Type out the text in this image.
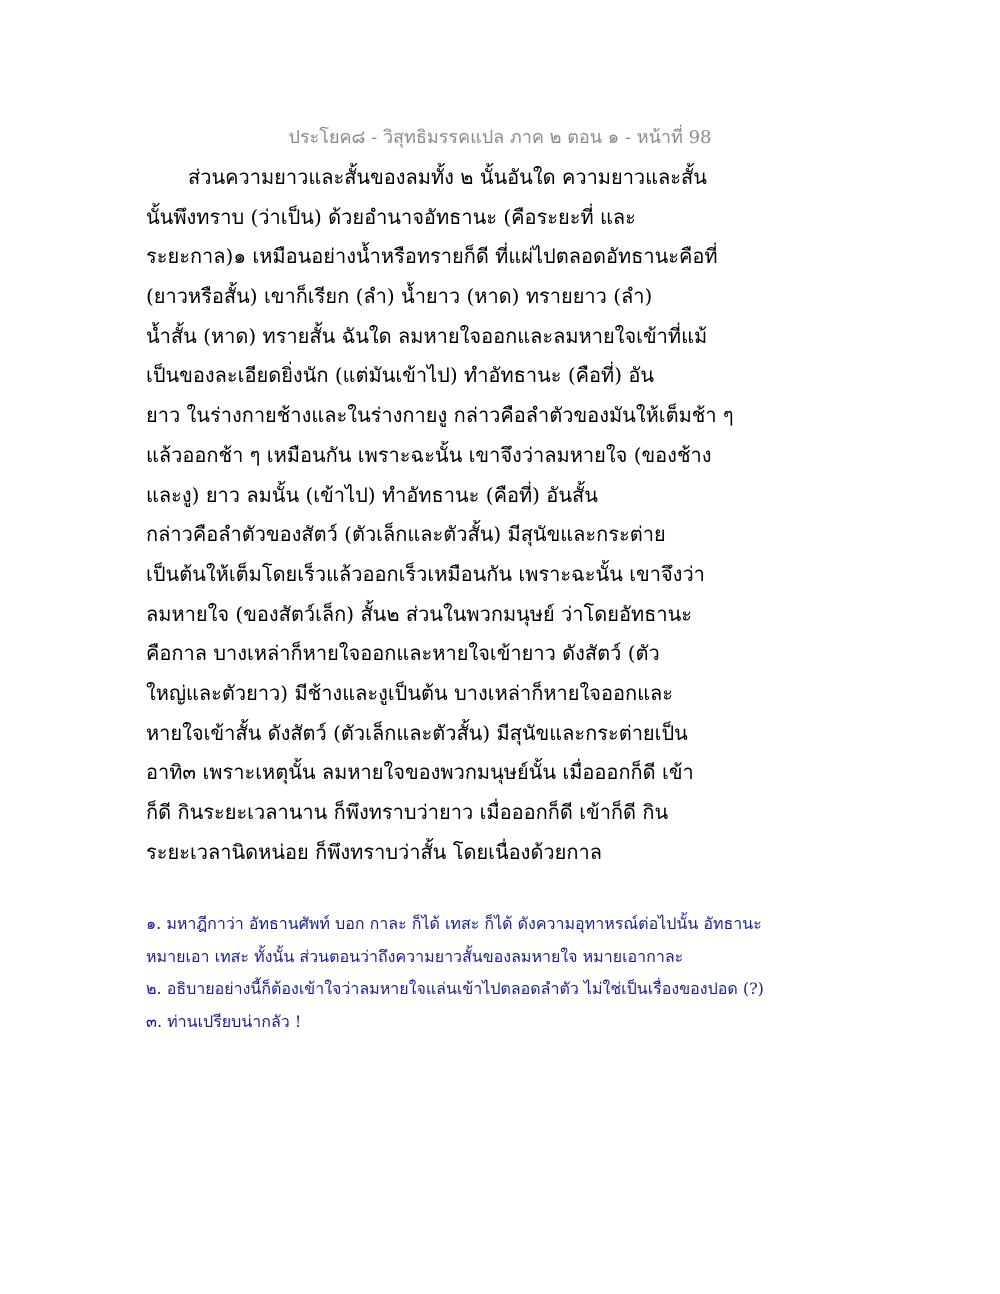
ประโยค๘ - วิสุทธิมรรคแปล ภาค ๒ ตอน ๑ - หน้าที่ 98
ส่วนความยาวและสั้นของลมทั้ง ๒ นั้นอันใด ความยาวและสั้น
นั้นพึงทราบ (ว่าเป็น) ด้วยอำนาจอัทธานะ (คือระยะที่ และ
ระยะกาล)๑ เหมือนอย่างน้ำหรือทรายก็ดี ที่แผ่ไปตลอดอัทธานะคือที่
(ยาวหรือสั้น) เขาก็เรียก (ลำ) น้ำยาว (หาด) ทรายยาว (ลำ)
น้ำสั้น (หาด) ทรายสั้น ฉันใด ลมหายใจออกและลมหายใจเข้าที่แม้
เป็นของละเอียดยิ่งนัก (แต่มันเข้าไป) ทำอัทธานะ (คือที่) อัน
ยาว ในร่างกายช้างและในร่างกายงู กล่าวคือลำตัวของมันให้เต็มช้า ๆ
แล้วออกช้า ๆ เหมือนกัน เพราะฉะนั้น เขาจึงว่าลมหายใจ (ของช้าง
และงู) ยาว ลมนั้น (เข้าไป) ทำอัทธานะ (คือที่) อันสั้น
กล่าวคือลำตัวของสัตว์ (ตัวเล็กและตัวสั้น) มีสุนัขและกระต่าย
เป็นต้นให้เต็มโดยเร็วแล้วออกเร็วเหมือนกัน เพราะฉะนั้น เขาจึงว่า
ลมหายใจ (ของสัตว์เล็ก) สั้น๒ ส่วนในพวกมนุษย์ ว่าโดยอัทธานะ
คือกาล บางเหล่าก็หายใจออกและหายใจเข้ายาว ดังสัตว์ (ตัว
ใหญ่และตัวยาว) มีช้างและงูเป็นต้น บางเหล่าก็หายใจออกและ
หายใจเข้าสั้น ดังสัตว์ (ตัวเล็กและตัวสั้น) มีสุนัขและกระต่ายเป็น
อาทิ๓ เพราะเหตุนั้น ลมหายใจของพวกมนุษย์นั้น เมื่อออกก็ดี เข้า
ก็ดี กินระยะเวลานาน ก็พึงทราบว่ายาว เมื่อออกก็ดี เข้าก็ดี กิน
ระยะเวลานิดหน่อย ก็พึงทราบว่าสั้น โดยเนื่องด้วยกาล
๑. มหาฎีกาว่า อัทธานศัพท์ บอก กาละ ก็ได้ เทสะ ก็ได้ ดังความอุทาหรณ์ต่อไปนั้น อัทธานะ
หมายเอา เทสะ ทั้งนั้น ส่วนตอนว่าถึงความยาวสั้นของลมหายใจ หมายเอากาละ
๒. อธิบายอย่างนี้ก็ต้องเข้าใจว่าลมหายใจแล่นเข้าไปตลอดลำตัว ไม่ใช่เป็นเรื่องของปอด (?)
๓. ท่านเปรียบน่ากลัว !
